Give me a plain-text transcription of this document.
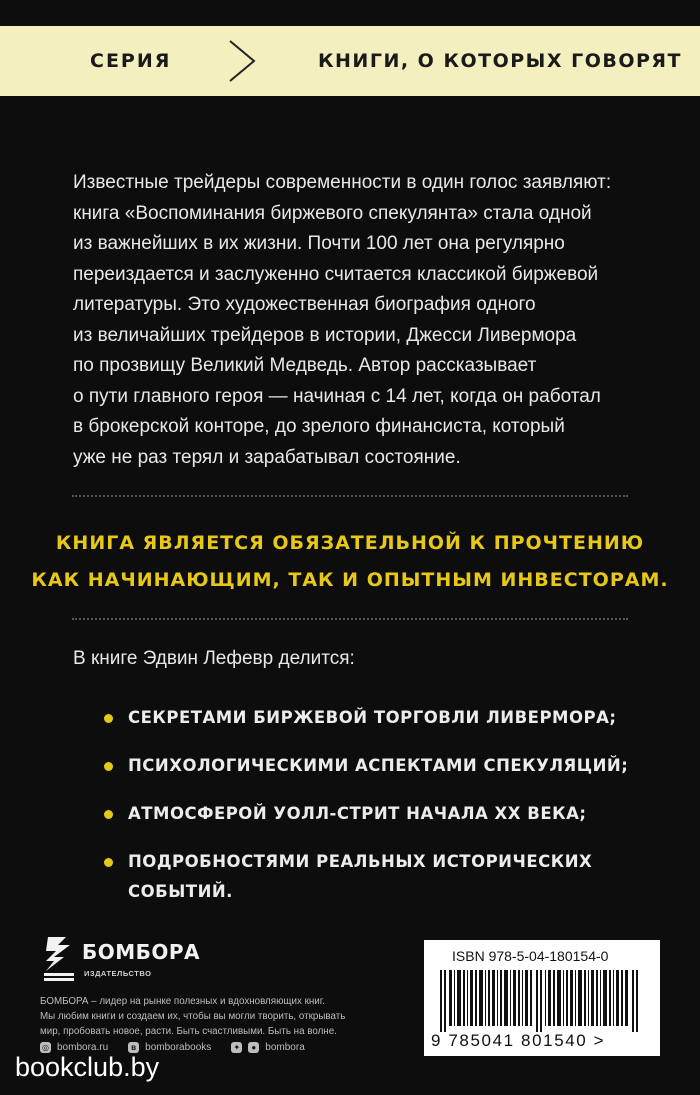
СЕРИЯ	КНИГИ, О КОТОРЫХ ГОВОРЯТ
Известные трейдеры современности в один голос заявляют:
книга «Воспоминания биржевого спекулянта» стала одной
из важнейших в их жизни. Почти 100 лет она регулярно
переиздается и заслуженно считается классикой биржевой
литературы. Это художественная биография одного
из величайших трейдеров в истории, Джесси Ливермора
по прозвищу Великий Медведь. Автор рассказывает
о пути главного героя — начиная с 14 лет, когда он работал
в брокерской конторе, до зрелого финансиста, который
уже не раз терял и зарабатывал состояние.
КНИГА ЯВЛЯЕТСЯ ОБЯЗАТЕЛЬНОЙ К ПРОЧТЕНИЮ
КАК НАЧИНАЮЩИМ, ТАК И ОПЫТНЫМ ИНВЕСТОРАМ.
В книге Эдвин Лефевр делится:
СЕКРЕТАМИ БИРЖЕВОЙ ТОРГОВЛИ ЛИВЕРМОРА;
ПСИХОЛОГИЧЕСКИМИ АСПЕКТАМИ СПЕКУЛЯЦИЙ;
АТМОСФЕРОЙ УОЛЛ-СТРИТ НАЧАЛА XX ВЕКА;
ПОДРОБНОСТЯМИ РЕАЛЬНЫХ ИСТОРИЧЕСКИХ СОБЫТИЙ.
БОМБОРА
ИЗДАТЕЛЬСТВО
БОМБОРА – лидер на рынке полезных и вдохновляющих книг.
Мы любим книги и создаем их, чтобы вы могли творить, открывать
мир, пробовать новое, расти. Быть счастливыми. Быть на волне.
◎ bombora.ru	в bomborabooks	✦	● bombora
ISBN 978-5-04-180154-0
9 785041 801540 >
bookclub.by
